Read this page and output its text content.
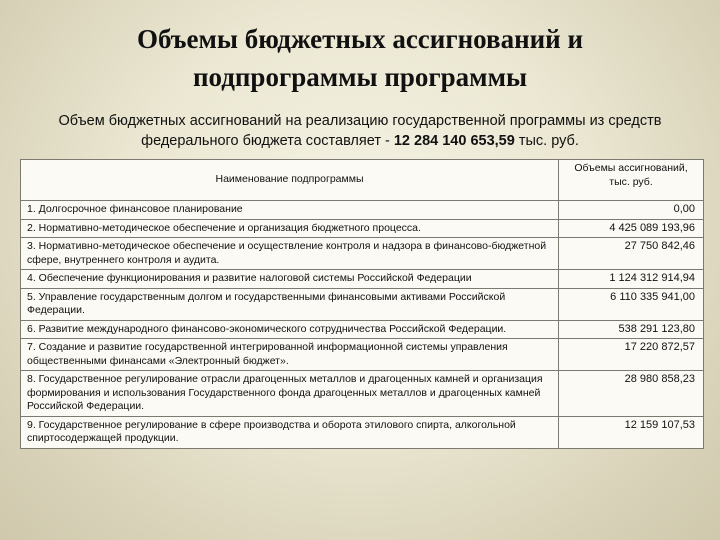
Объемы бюджетных ассигнований и
подпрограммы программы
Объем бюджетных ассигнований на реализацию государственной программы из средств
федерального бюджета составляет - 12 284 140 653,59 тыс. руб.
Наименование подпрограммы	Объемы ассигнований,
тыс. руб.

1. Долгосрочное финансовое планирование	0,00
2. Нормативно-методическое обеспечение и организация бюджетного процесса.	4 425 089 193,96
3. Нормативно-методическое обеспечение и осуществление контроля и надзора в финансово-бюджетной сфере, внутреннего контроля и аудита.	27 750 842,46
4. Обеспечение функционирования и развитие налоговой системы Российской Федерации	1 124 312 914,94
5. Управление государственным долгом и государственными финансовыми активами Российской Федерации.	6 110 335 941,00
6. Развитие международного финансово-экономического сотрудничества Российской Федерации.	538 291 123,80
7. Создание и развитие государственной интегрированной информационной системы управления общественными финансами «Электронный бюджет».	17 220 872,57
8. Государственное регулирование отрасли драгоценных металлов и драгоценных камней и организация формирования и использования Государственного фонда драгоценных металлов и драгоценных камней Российской Федерации.	28 980 858,23
9. Государственное регулирование в сфере производства и оборота этилового спирта, алкогольной спиртосодержащей продукции.	12 159 107,53
